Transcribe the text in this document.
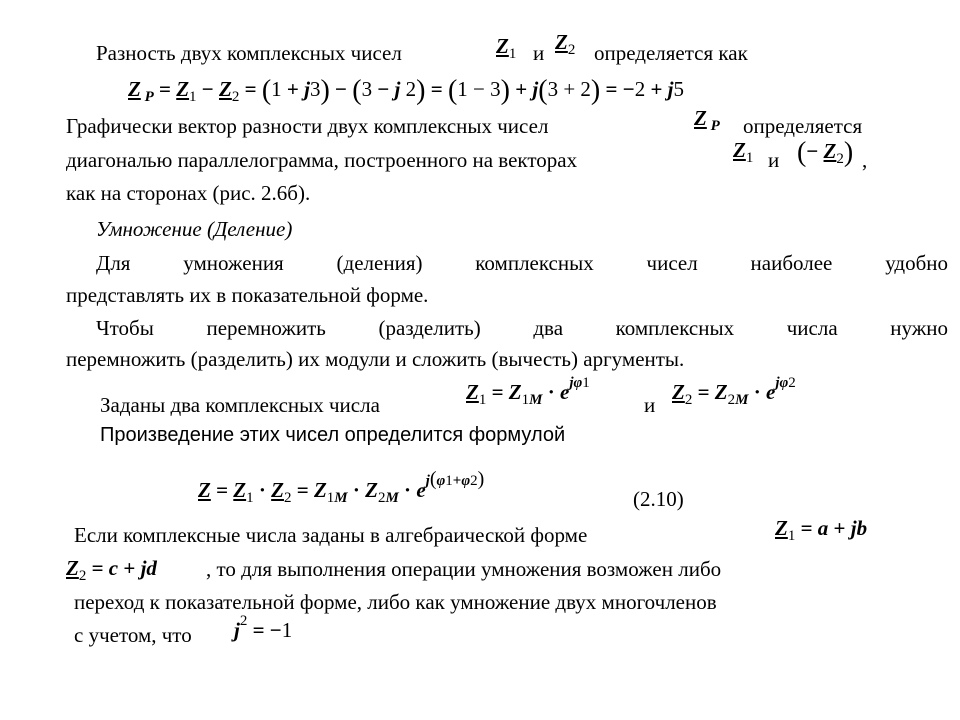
Разность двух комплексных чисел	$Z_1$ и $Z_2$ определяется как
Z $_P = Z_1 - Z_2 = (1 + j3) - (3 - j$ 2) = (1 − 3) + j(3 + 2) = −2 + j5
Графически вектор разности двух комплексных чисел	Z $_P$ определяется
диагональю параллелограмма, построенного на векторах	$Z_1$ и (− $Z_2$) ,
как на сторонах (рис. 2.6б).
Умножение (Деление)
Для умножения (деления) комплексных чисел наиболее удобно
представлять их в показательной форме.
Чтобы перемножить (разделить) два комплексных числа нужно
перемножить (разделить) их модули и сложить (вычесть) аргументы.
Заданы два комплексных числа
$Z_1 = Z_{1M} \cdot e^{j\varphi 1}$
и
$Z_2 = Z_{2M} \cdot e^{j\varphi 2}$
Произведение этих чисел определится формулой
$Z = Z_1 \cdot Z_2 = Z_{1M} \cdot Z_{2M} \cdot e^{j(\varphi 1+\varphi 2)}$
(2.10)
Если комплексные числа заданы в алгебраической форме	$Z_1 = a$ + jb
$Z_2 = c$ + jd , то для выполнения операции умножения возможен либо
переход к показательной форме, либо как умножение двух многочленов
с учетом, что $j^2 = -1$
